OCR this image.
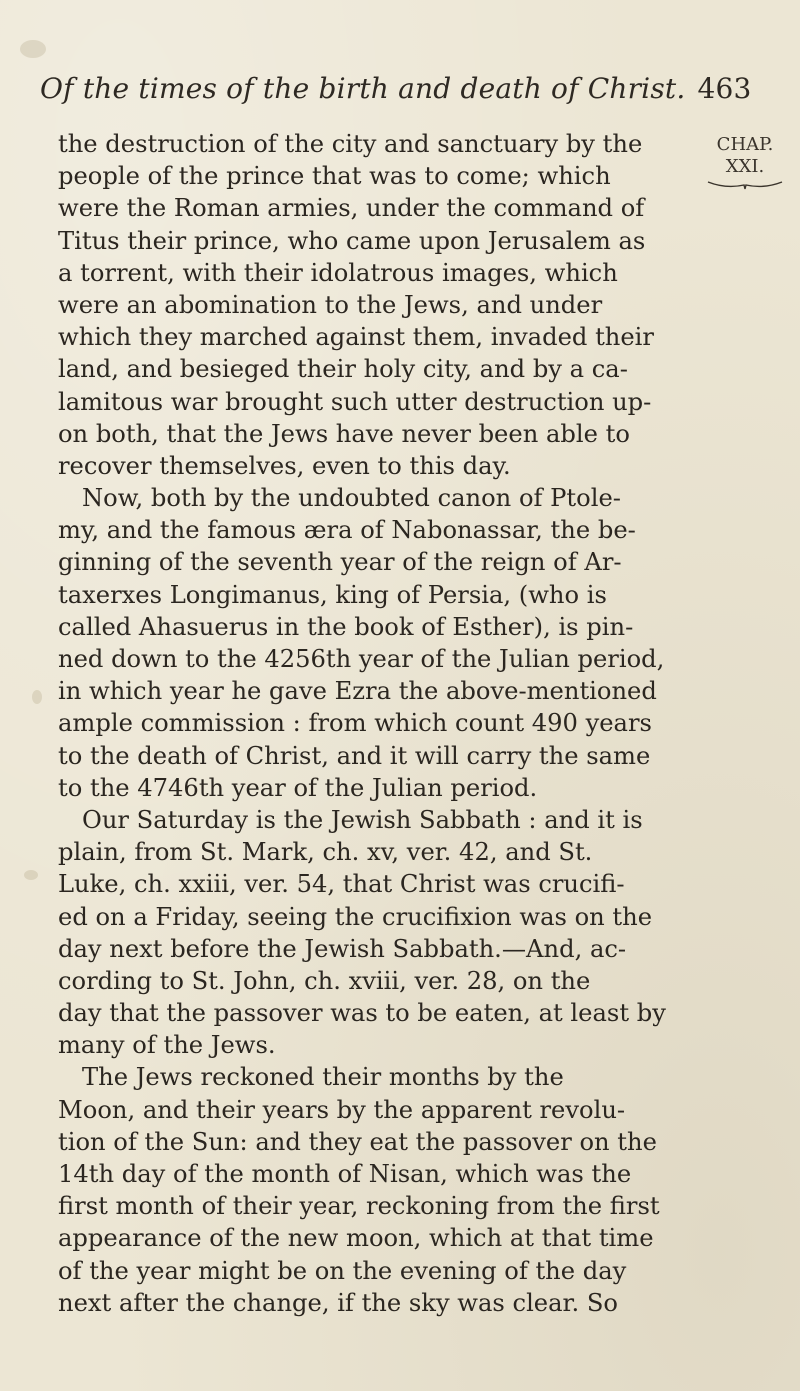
Of the times of the birth and death of Christ. 463
CHAP.
XXI.
the destruction of the city and sanctuary by the
people of the prince that was to come; which
were the Roman armies, under the command of
Titus their prince, who came upon Jerusalem as
a torrent, with their idolatrous images, which
were an abomination to the Jews, and under
which they marched against them, invaded their
land, and besieged their holy city, and by a ca-
lamitous war brought such utter destruction up-
on both, that the Jews have never been able to
recover themselves, even to this day.
Now, both by the undoubted canon of Ptole-
my, and the famous æra of Nabonassar, the be-
ginning of the seventh year of the reign of Ar-
taxerxes Longimanus, king of Persia, (who is
called Ahasuerus in the book of Esther), is pin-
ned down to the 4256th year of the Julian period,
in which year he gave Ezra the above-mentioned
ample commission : from which count 490 years
to the death of Christ, and it will carry the same
to the 4746th year of the Julian period.
Our Saturday is the Jewish Sabbath : and it is
plain, from St. Mark, ch. xv, ver. 42, and St.
Luke, ch. xxiii, ver. 54, that Christ was crucifi-
ed on a Friday, seeing the crucifixion was on the
day next before the Jewish Sabbath.—And, ac-
cording to St. John, ch. xviii, ver. 28, on the
day that the passover was to be eaten, at least by
many of the Jews.
The Jews reckoned their months by the
Moon, and their years by the apparent revolu-
tion of the Sun: and they eat the passover on the
14th day of the month of Nisan, which was the
first month of their year, reckoning from the first
appearance of the new moon, which at that time
of the year might be on the evening of the day
next after the change, if the sky was clear. So
